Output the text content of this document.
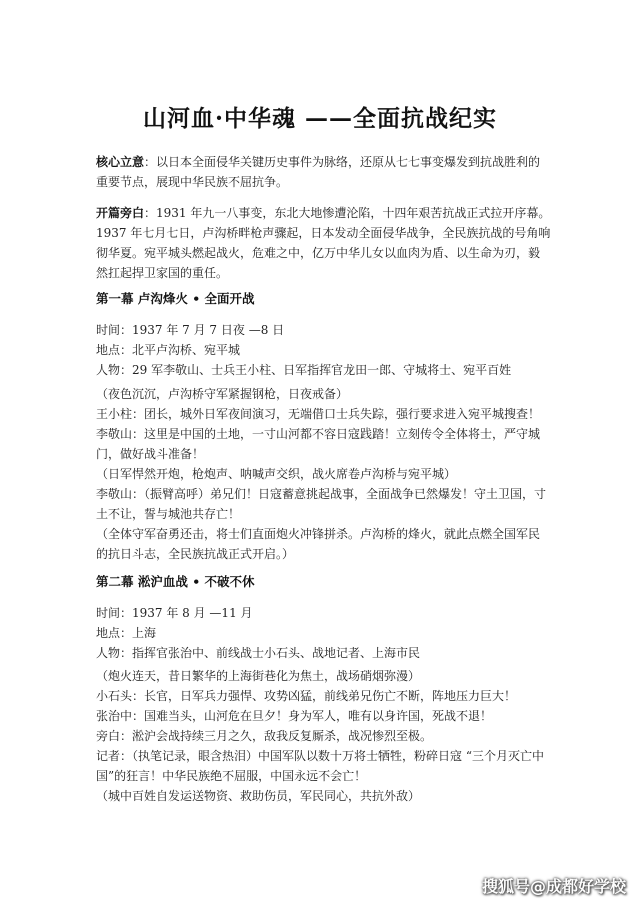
山河血·中华魂 ——全面抗战纪实

核心立意：以日本全面侵华关键历史事件为脉络，还原从七七事变爆发到抗战胜利的重要节点，展现中华民族不屈抗争。

开篇旁白：1931 年九一八事变，东北大地惨遭沦陷，十四年艰苦抗战正式拉开序幕。1937 年七月七日，卢沟桥畔枪声骤起，日本发动全面侵华战争，全民族抗战的号角响彻华夏。宛平城头燃起战火，危难之中，亿万中华儿女以血肉为盾、以生命为刃，毅然扛起捍卫家国的重任。

第一幕 卢沟烽火 • 全面开战

时间：1937 年 7 月 7 日夜 —8 日

地点：北平卢沟桥、宛平城

人物：29 军李敬山、士兵王小柱、日军指挥官龙田一郎、守城将士、宛平百姓

（夜色沉沉，卢沟桥守军紧握钢枪，日夜戒备）

王小柱：团长，城外日军夜间演习，无端借口士兵失踪，强行要求进入宛平城搜查！

李敬山：这里是中国的土地，一寸山河都不容日寇践踏！立刻传令全体将士，严守城门，做好战斗准备！

（日军悍然开炮，枪炮声、呐喊声交织，战火席卷卢沟桥与宛平城）

李敬山：（振臂高呼）弟兄们！日寇蓄意挑起战事，全面战争已然爆发！守土卫国，寸土不让，誓与城池共存亡！

（全体守军奋勇还击，将士们直面炮火冲锋拼杀。卢沟桥的烽火，就此点燃全国军民的抗日斗志，全民族抗战正式开启。）

第二幕 淞沪血战 • 不破不休

时间：1937 年 8 月 —11 月

地点：上海

人物：指挥官张治中、前线战士小石头、战地记者、上海市民

（炮火连天，昔日繁华的上海街巷化为焦土，战场硝烟弥漫）

小石头：长官，日军兵力强悍、攻势凶猛，前线弟兄伤亡不断，阵地压力巨大！

张治中：国难当头，山河危在旦夕！身为军人，唯有以身许国，死战不退！

旁白：淞沪会战持续三月之久，敌我反复厮杀，战况惨烈至极。

记者：（执笔记录，眼含热泪）中国军队以数十万将士牺牲，粉碎日寇 “三个月灭亡中国”的狂言！中华民族绝不屈服，中国永远不会亡！

（城中百姓自发运送物资、救助伤员，军民同心，共抗外敌）

搜狐号@成都好学校
